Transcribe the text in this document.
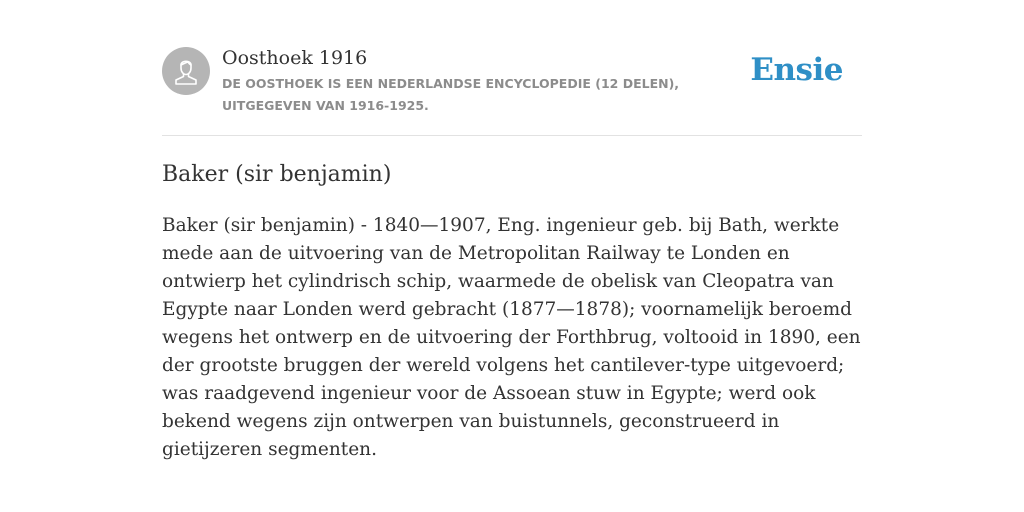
Oosthoek 1916
DE OOSTHOEK IS EEN NEDERLANDSE ENCYCLOPEDIE (12 DELEN), UITGEGEVEN VAN 1916-1925.
Ensie
Baker (sir benjamin)

Baker (sir benjamin) - 1840—1907, Eng. ingenieur geb. bij Bath, werkte mede aan de uitvoering van de Metropolitan Railway te Londen en ontwierp het cylindrisch schip, waarmede de obelisk van Cleopatra van Egypte naar Londen werd gebracht (1877—1878); voornamelijk beroemd wegens het ontwerp en de uitvoering der Forthbrug, voltooid in 1890, een der grootste bruggen der wereld volgens het cantilever-type uitgevoerd; was raadgevend ingenieur voor de Assoean stuw in Egypte; werd ook bekend wegens zijn ontwerpen van buistunnels, geconstrueerd in gietijzeren segmenten.
